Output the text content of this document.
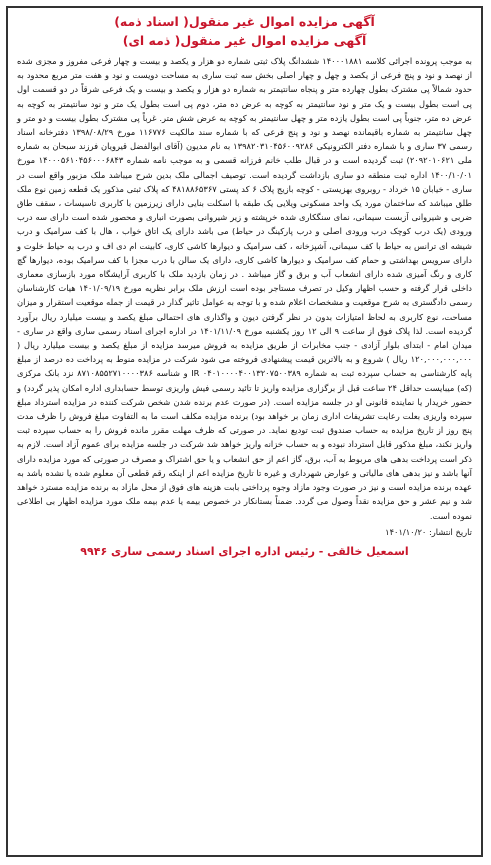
آگهی مزایده اموال غیر منقول( اسناد ذمه)
آگهی مزایده اموال غیر منقول( ذمه ای)
به موجب پرونده اجرائی کلاسه ۱۴۰۰۰۱۸۸۱ ششدانگ پلاک ثبتی شماره دو هزار و یکصد و بیست و چهار فرعی مفروز و مجزی شده از نهصد و نود و پنج فرعی از یکصد و چهل و چهار اصلی بخش سه ثبت ساری به مساحت دویست و نود و هفت متر مربع محدود به حدود شمالاً پی مشترک بطول چهارده متر و پنجاه سانتیمتر به شماره دو هزار و یکصد و بیست و یک فرعی شرقاً در دو قسمت اول پی است بطول بیست و یک متر و نود سانتیمتر به کوچه به عرض ده متر، دوم پی است بطول یک متر و نود سانتیمتر به کوچه به عرض ده متر، جنوباً پی است بطول یازده متر و چهل سانتیمتر به کوچه به عرض شش متر. غرباً پی مشترک بطول بیست و دو متر و چهل سانتیمتر به شماره باقیمانده نهصد و نود و پنج فرعی که با شماره سند مالکیت ۱۱۶۷۷۶ مورخ ۱۳۹۸/۰۸/۲۹ دفترخانه اسناد رسمی ۳۷ ساری و با شماره دفتر الکترونیکی ۱۳۹۸۲۰۳۱۰۴۵۶۰۰۹۲۸۶ به نام مدیون (آقای ابوالفضل قیرویان فرزند سبحان به شماره ملی ۲۰۹۲۰۱۰۶۲۱) ثبت گردیده است و در قبال طلب خانم فرزانه قسمی و به موجب نامه شماره ۱۴۰۰۰۵۶۱۰۴۵۶۰۰۰۶۸۴۳ مورخ ۱۴۰۰/۱۰/۰۱ اداره ثبت منطقه دو ساری بازداشت گردیده است. توصیف اجمالی ملک بدین شرح میباشد ملک مزبور واقع است در ساری - خیابان ۱۵ خرداد - روبروی بهزیستی - کوچه بازیج پلاک ۶ کد پستی ۴۸۱۸۸۶۵۳۶۷ که پلاک ثبتی مذکور یک قطعه زمین نوع ملک طلق میباشد که ساختمان مورد یک واحد مسکونی ویلایی یک طبقه با اسکلت بنایی دارای زیرزمین با کاربری تاسیسات ، سقف طاق ضربی و شیروانی آزبست سیمانی، نمای سنگکاری شده خرپشته و زیر شیروانی بصورت انباری و محصور شده است دارای سه درب ورودی (یک درب کوچک درب ورودی اصلی و درب پارکینگ در حیاط) می باشد دارای یک اتاق خواب ، هال با کف سرامیک و درب شیشه ای ترانس به حیاط با کف سیمانی، آشپزخانه ، کف سرامیک و دیوارها کاشی کاری، کابینت ام دی اف و درب به حیاط خلوت و دارای سرویس بهداشتی و حمام کف سرامیک و دیوارها کاشی کاری، دارای یک سالن با درب مجزا با کف سرامیک بوده، دیوارها گچ کاری و رنگ آمیزی شده دارای انشعاب آب و برق و گاز میباشد . در زمان بازدید ملک با کاربری آرایشگاه مورد بازسازی معماری داخلی قرار گرفته و حسب اظهار وکیل در تصرف مستاجر بوده است ارزش ملک برابر نظریه مورخ ۱۴۰۱/۰۹/۱۹ هیات کارشناسان رسمی دادگستری به شرح موقعیت و مشخصات اعلام شده و با توجه به عوامل تاثیر گذار در قیمت از جمله موقعیت استقرار و میزان مساحت، نوع کاربری به لحاظ امتیازات بدون در نظر گرفتن دیون و واگذاری های احتمالی مبلغ یکصد و بیست میلیارد ریال برآورد گردیده است. لذا پلاک فوق از ساعت ۹ الی ۱۲ روز یکشنبه مورخ ۱۴۰۱/۱۱/۰۹ در اداره اجرای اسناد رسمی ساری واقع در ساری - میدان امام - ابتدای بلوار آزادی - جنب مخابرات از طریق مزایده به فروش میرسد مزایده از مبلغ یکصد و بیست میلیارد ریال ( ۱۲۰,۰۰۰,۰۰۰,۰۰۰ ریال ) شروع و به بالاترین قیمت پیشنهادی فروخته می شود شرکت در مزایده منوط به پرداخت ده درصد از مبلغ پایه کارشناسی به حساب سپرده ثبت به شماره IR ۰۴۰۱۰۰۰۰۴۰۰۱۳۲۰۷۵۰۰۳۸۹ و شناسه ۸۷۱۰۸۵۵۲۷۱۰۰۰۰۳۸۶ نزد بانک مرکزی (که) میبایست حداقل ۲۴ ساعت قبل از برگزاری مزایده واریز تا تائید رسمی فیش واریزی توسط حسابداری اداره امکان پذیر گردد) و حضور خریدار یا نماینده قانونی او در جلسه مزایده است. (در صورت عدم برنده شدن شخص شرکت کننده در مزایده استرداد مبلغ سپرده واریزی بعلت رعایت تشریفات اداری زمان بر خواهد بود) برنده مزایده مکلف است ما به التفاوت مبلغ فروش را ظرف مدت پنج روز از تاریخ مزایده به حساب صندوق ثبت تودیع نماید. در صورتی که ظرف مهلت مقرر مانده فروش را به حساب سپرده ثبت واریز نکند، مبلغ مذکور قابل استرداد نبوده و به حساب خزانه واریز خواهد شد شرکت در جلسه مزایده برای عموم آزاد است. لازم به ذکر است پرداخت بدهی های مربوط به آب، برق، گاز اعم از حق انشعاب و یا حق اشتراک و مصرف در صورتی که مورد مزایده دارای آنها باشد و نیز بدهی های مالیاتی و عوارض شهرداری و غیره تا تاریخ مزایده اعم از اینکه رقم قطعی آن معلوم شده یا نشده باشد به عهده برنده مزایده است و نیز در صورت وجود مازاد وجوه پرداختی بابت هزینه های فوق از محل مازاد به برنده مزایده مسترد خواهد شد و نیم عشر و حق مزایده نقداً وصول می گردد. ضمناً بستانکار در خصوص بیمه یا عدم بیمه ملک مورد مزایده اظهار بی اطلاعی نموده است.
تاریخ انتشار: ۱۴۰۱/۱۰/۲۰
اسمعیل خالقی - رئیس اداره اجرای اسناد رسمی ساری ۹۹۴۶
